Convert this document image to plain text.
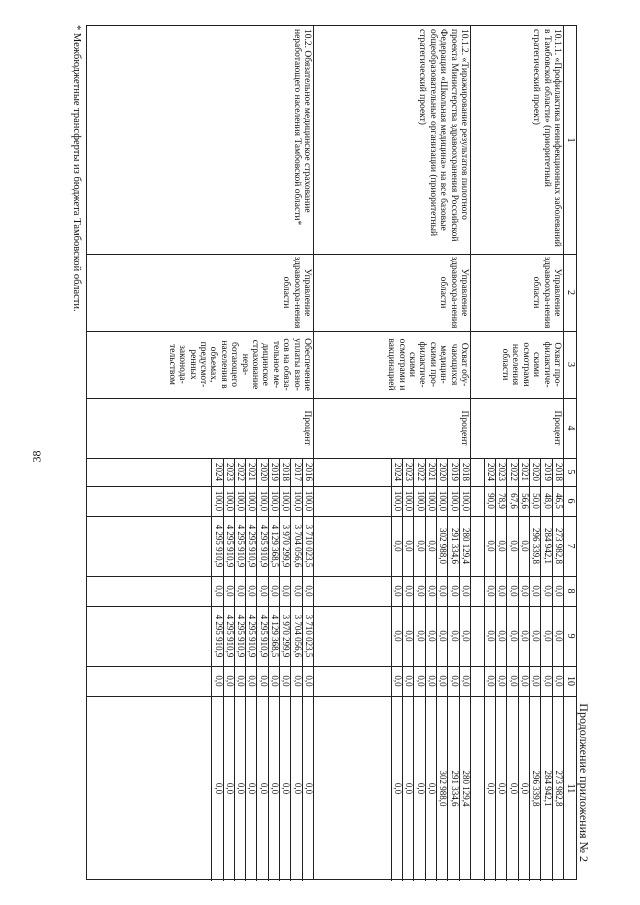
38
Продолжение приложения № 2
1
2
3
4
5
6
7
8
9
10
11
10.1.1. «Профилактика неинфекционных заболеваний в Тамбовской области» (приоритетный стратегический проект)
Управление здравоохра-нения области
Охват про-филактиче-скими осмотрами населения области
Процент
2018
46,5
273 982,8
0,0
0,0
0,0
273 982,8
2019
48,0
284 942,1
0,0
0,0
0,0
284 942,1
2020
50,0
296 339,8
0,0
0,0
0,0
296 339,8
2021
56,6
0,0
0,0
0,0
0,0
0,0
2022
67,6
0,0
0,0
0,0
0,0
0,0
2023
78,9
0,0
0,0
0,0
0,0
0,0
2024
90,0
0,0
0,0
0,0
0,0
0,0
10.1.2. «Тиражирование результатов пилотного проекта Министерства здравоохранения Российской Федерации «Школьная медицина» на все базовые общеобразовательные организации (приоритетный стратегический проект)
Управление здравоохра-нения области
Охват обу-чающихся медицин-скими про-филактиче-скими осмотрами и вакцинацией
Процент
2018
100,0
280 129,4
0,0
0,0
0,0
280 129,4
2019
100,0
291 334,6
0,0
0,0
0,0
291 334,6
2020
100,0
302 988,0
0,0
0,0
0,0
302 988,0
2021
100,0
0,0
0,0
0,0
0,0
0,0
2022
100,0
0,0
0,0
0,0
0,0
0,0
2023
100,0
0,0
0,0
0,0
0,0
0,0
2024
100,0
0,0
0,0
0,0
0,0
0,0
10.2. Обязательное медицинское страхование неработающего населения Тамбовской области*
Управление здравоохра-нения области
Обеспечение уплаты взно-сов на обяза-тельное ме-дицинское страхование нера-ботающего населения в объемах, предусмот-ренных законода-тельством
Процент
2016
100,0
3 710 023,5
0,0
3 710 023,5
0,0
0,0
2017
100,0
3 704 056,6
0,0
3 704 056,6
0,0
0,0
2018
100,0
3 970 299,9
0,0
3 970 299,9
0,0
0,0
2019
100,0
4 129 368,5
0,0
4 129 368,5
0,0
0,0
2020
100,0
4 295 910,9
0,0
4 295 910,9
0,0
0,0
2021
100,0
4 295 910,9
0,0
4 295 910,9
0,0
0,0
2022
100,0
4 295 910,9
0,0
4 295 910,9
0,0
0,0
2023
100,0
4 295 910,9
0,0
4 295 910,9
0,0
0,0
2024
100,0
4 295 910,9
0,0
4 295 910,9
0,0
0,0
* Межбюджетные трансферты из бюджета Тамбовской области.
